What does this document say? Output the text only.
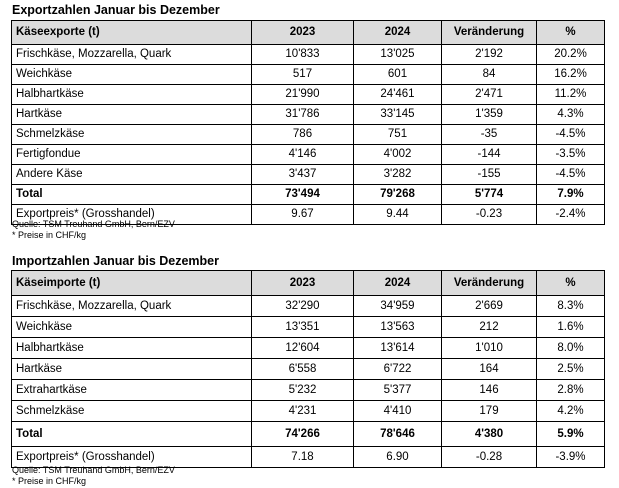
Exportzahlen Januar bis Dezember
Käseexporte (t)	2023	2024	Veränderung	%
Frischkäse, Mozzarella, Quark	10'833	13'025	2'192	20.2%
Weichkäse	517	601	84	16.2%
Halbhartkäse	21'990	24'461	2'471	11.2%
Hartkäse	31'786	33'145	1'359	4.3%
Schmelzkäse	786	751	-35	-4.5%
Fertigfondue	4'146	4'002	-144	-3.5%
Andere Käse	3'437	3'282	-155	-4.5%
Total	73'494	79'268	5'774	7.9%
Exportpreis* (Grosshandel)	9.67	9.44	-0.23	-2.4%
Quelle: TSM Treuhand GmbH, Bern/EZV
* Preise in CHF/kg
Importzahlen Januar bis Dezember
Käseimporte (t)	2023	2024	Veränderung	%
Frischkäse, Mozzarella, Quark	32'290	34'959	2'669	8.3%
Weichkäse	13'351	13'563	212	1.6%
Halbhartkäse	12'604	13'614	1'010	8.0%
Hartkäse	6'558	6'722	164	2.5%
Extrahartkäse	5'232	5'377	146	2.8%
Schmelzkäse	4'231	4'410	179	4.2%
Total	74'266	78'646	4'380	5.9%
Exportpreis* (Grosshandel)	7.18	6.90	-0.28	-3.9%
Quelle: TSM Treuhand GmbH, Bern/EZV
* Preise in CHF/kg
